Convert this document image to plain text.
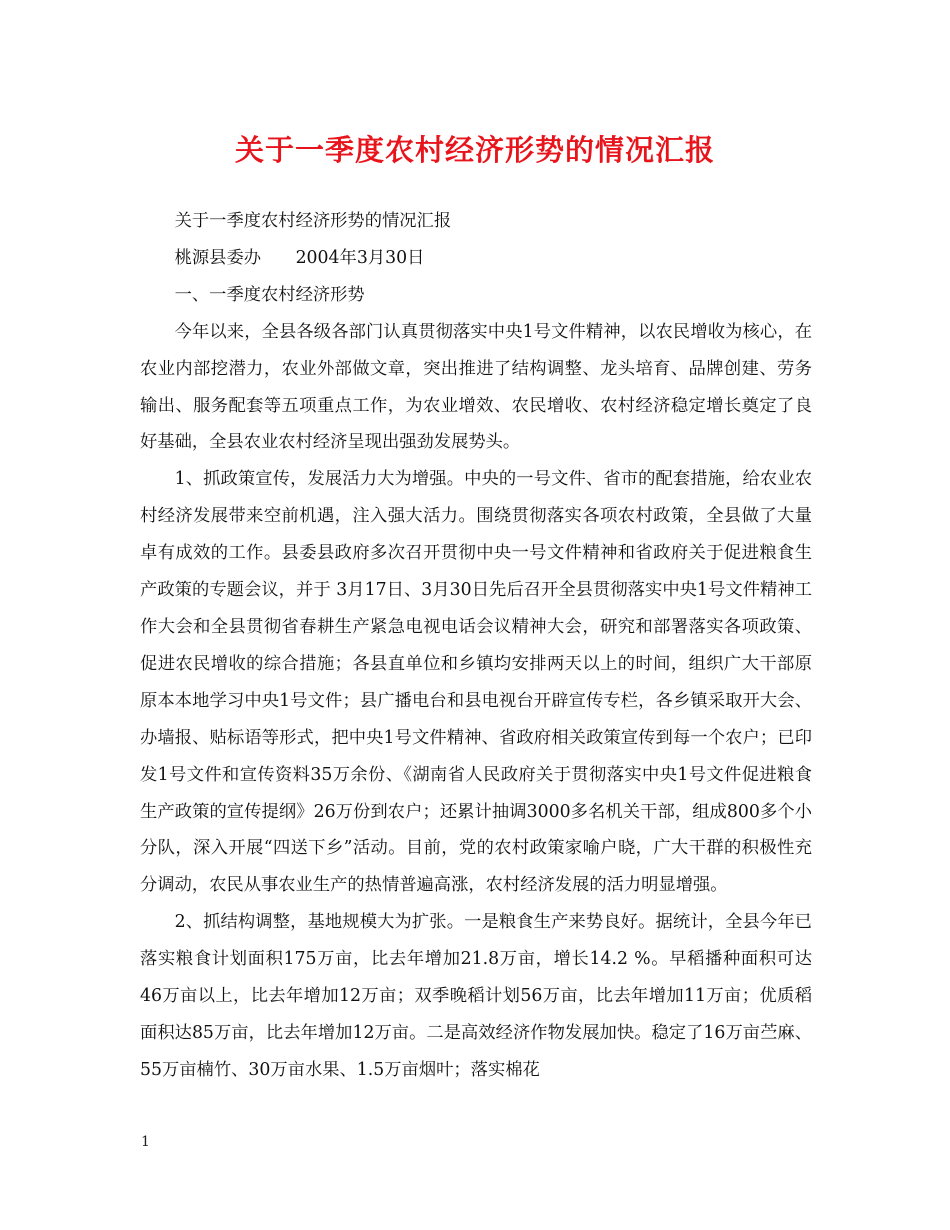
关于一季度农村经济形势的情况汇报

关于一季度农村经济形势的情况汇报

桃源县委办　　2004年3月30日

一、一季度农村经济形势

今年以来，全县各级各部门认真贯彻落实中央1号文件精神，以农民增收为核心，在农业内部挖潜力，农业外部做文章，突出推进了结构调整、龙头培育、品牌创建、劳务输出、服务配套等五项重点工作，为农业增效、农民增收、农村经济稳定增长奠定了良好基础，全县农业农村经济呈现出强劲发展势头。

1、抓政策宣传，发展活力大为增强。中央的一号文件、省市的配套措施，给农业农村经济发展带来空前机遇，注入强大活力。围绕贯彻落实各项农村政策，全县做了大量卓有成效的工作。县委县政府多次召开贯彻中央一号文件精神和省政府关于促进粮食生产政策的专题会议，并于 3月17日、3月30日先后召开全县贯彻落实中央1号文件精神工作大会和全县贯彻省春耕生产紧急电视电话会议精神大会，研究和部署落实各项政策、促进农民增收的综合措施；各县直单位和乡镇均安排两天以上的时间，组织广大干部原原本本地学习中央1号文件；县广播电台和县电视台开辟宣传专栏，各乡镇采取开大会、办墙报、贴标语等形式，把中央1号文件精神、省政府相关政策宣传到每一个农户；已印发1号文件和宣传资料35万余份、《湖南省人民政府关于贯彻落实中央1号文件促进粮食生产政策的宣传提纲》26万份到农户；还累计抽调3000多名机关干部，组成800多个小分队，深入开展“四送下乡”活动。目前，党的农村政策家喻户晓，广大干群的积极性充分调动，农民从事农业生产的热情普遍高涨，农村经济发展的活力明显增强。

2、抓结构调整，基地规模大为扩张。一是粮食生产来势良好。据统计，全县今年已落实粮食计划面积175万亩，比去年增加21.8万亩，增长14.2 %。早稻播种面积可达46万亩以上，比去年增加12万亩；双季晚稻计划56万亩，比去年增加11万亩；优质稻面积达85万亩，比去年增加12万亩。二是高效经济作物发展加快。稳定了16万亩苎麻、55万亩楠竹、30万亩水果、1.5万亩烟叶；落实棉花

1
